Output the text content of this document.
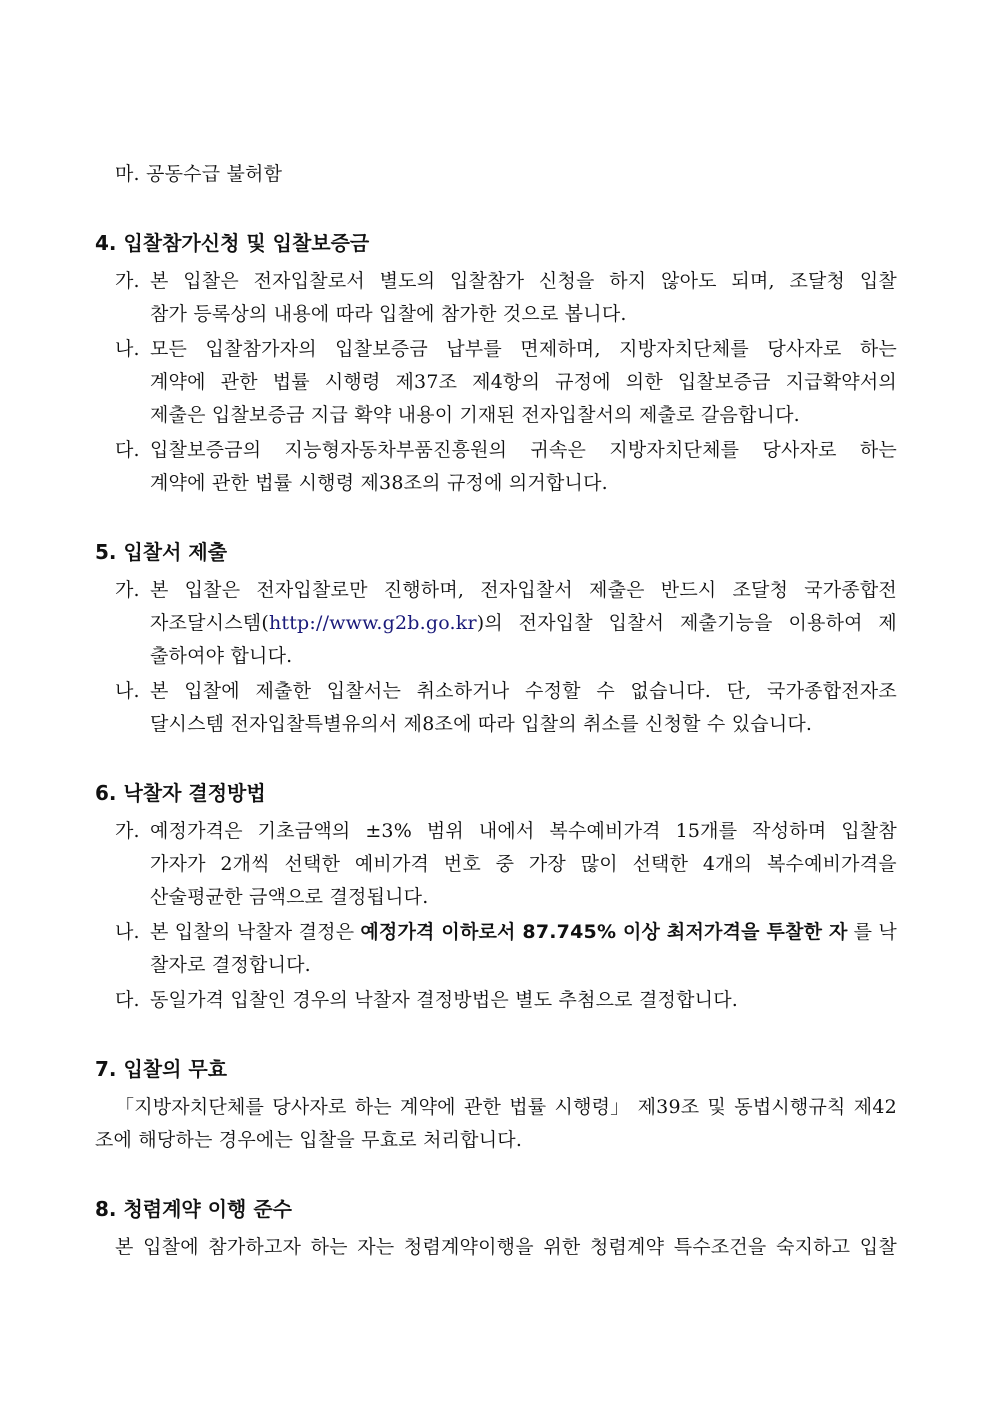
마. 공동수급 불허함
4. 입찰참가신청 및 입찰보증금
가. 본 입찰은 전자입찰로서 별도의 입찰참가 신청을 하지 않아도 되며, 조달청 입찰
참가 등록상의 내용에 따라 입찰에 참가한 것으로 봅니다.
나. 모든 입찰참가자의 입찰보증금 납부를 면제하며, 지방자치단체를 당사자로 하는
계약에 관한 법률 시행령 제37조 제4항의 규정에 의한 입찰보증금 지급확약서의
제출은 입찰보증금 지급 확약 내용이 기재된 전자입찰서의 제출로 갈음합니다.
다. 입찰보증금의 지능형자동차부품진흥원의 귀속은 지방자치단체를 당사자로 하는
계약에 관한 법률 시행령 제38조의 규정에 의거합니다.
5. 입찰서 제출
가. 본 입찰은 전자입찰로만 진행하며, 전자입찰서 제출은 반드시 조달청 국가종합전
자조달시스템(http://www.g2b.go.kr )의 전자입찰 입찰서 제출기능을 이용하여 제
출하여야 합니다.
나. 본 입찰에 제출한 입찰서는 취소하거나 수정할 수 없습니다. 단, 국가종합전자조
달시스템 전자입찰특별유의서 제8조에 따라 입찰의 취소를 신청할 수 있습니다.
6. 낙찰자 결정방법
가. 예정가격은 기초금액의 ±3% 범위 내에서 복수예비가격 15개를 작성하며 입찰참
가자가 2개씩 선택한 예비가격 번호 중 가장 많이 선택한 4개의 복수예비가격을
산술평균한 금액으로 결정됩니다.
나. 본 입찰의 낙찰자 결정은 예정가격 이하로서 87.745% 이상 최저가격을 투찰한 자 를 낙
찰자로 결정합니다.
다. 동일가격 입찰인 경우의 낙찰자 결정방법은 별도 추첨으로 결정합니다.
7. 입찰의 무효
「지방자치단체를 당사자로 하는 계약에 관한 법률 시행령」 제39조 및 동법시행규칙 제42
조에 해당하는 경우에는 입찰을 무효로 처리합니다.
8. 청렴계약 이행 준수
본 입찰에 참가하고자 하는 자는 청렴계약이행을 위한 청렴계약 특수조건을 숙지하고 입찰
